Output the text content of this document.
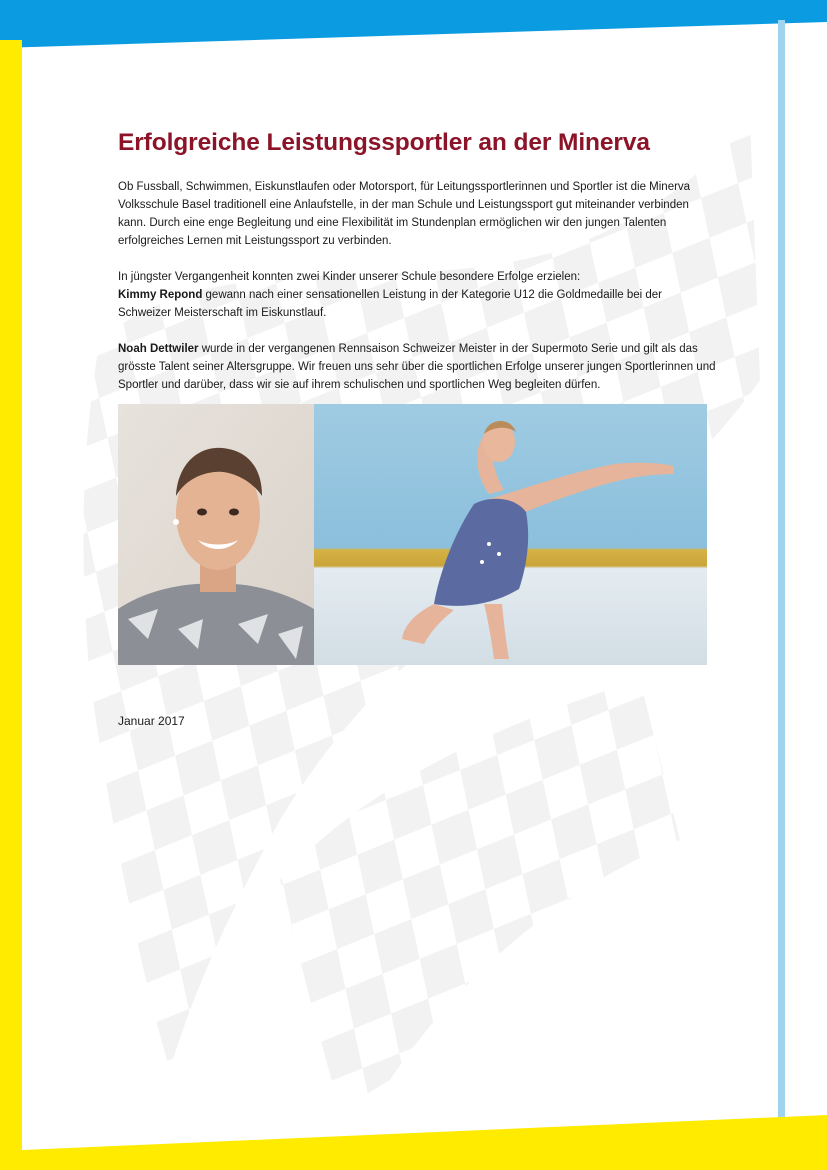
Erfolgreiche Leistungssportler an der Minerva

Ob Fussball, Schwimmen, Eiskunstlaufen oder Motorsport, für Leitungssportlerinnen und Sportler ist die Minerva Volksschule Basel traditionell eine Anlaufstelle, in der man Schule und Leistungssport gut miteinander verbinden kann. Durch eine enge Begleitung und eine Flexibilität im Stundenplan ermöglichen wir den jungen Talenten erfolgreiches Lernen mit Leistungssport zu verbinden.

In jüngster Vergangenheit konnten zwei Kinder unserer Schule besondere Erfolge erzielen:
Kimmy Repond gewann nach einer sensationellen Leistung in der Kategorie U12 die Goldmedaille bei der Schweizer Meisterschaft im Eiskunstlauf.

Noah Dettwiler wurde in der vergangenen Rennsaison Schweizer Meister in der Supermoto Serie und gilt als das grösste Talent seiner Altersgruppe. Wir freuen uns sehr über die sportlichen Erfolge unserer jungen Sportlerinnen und Sportler und darüber, dass wir sie auf ihrem schulischen und sportlichen Weg begleiten dürfen.

Januar 2017
